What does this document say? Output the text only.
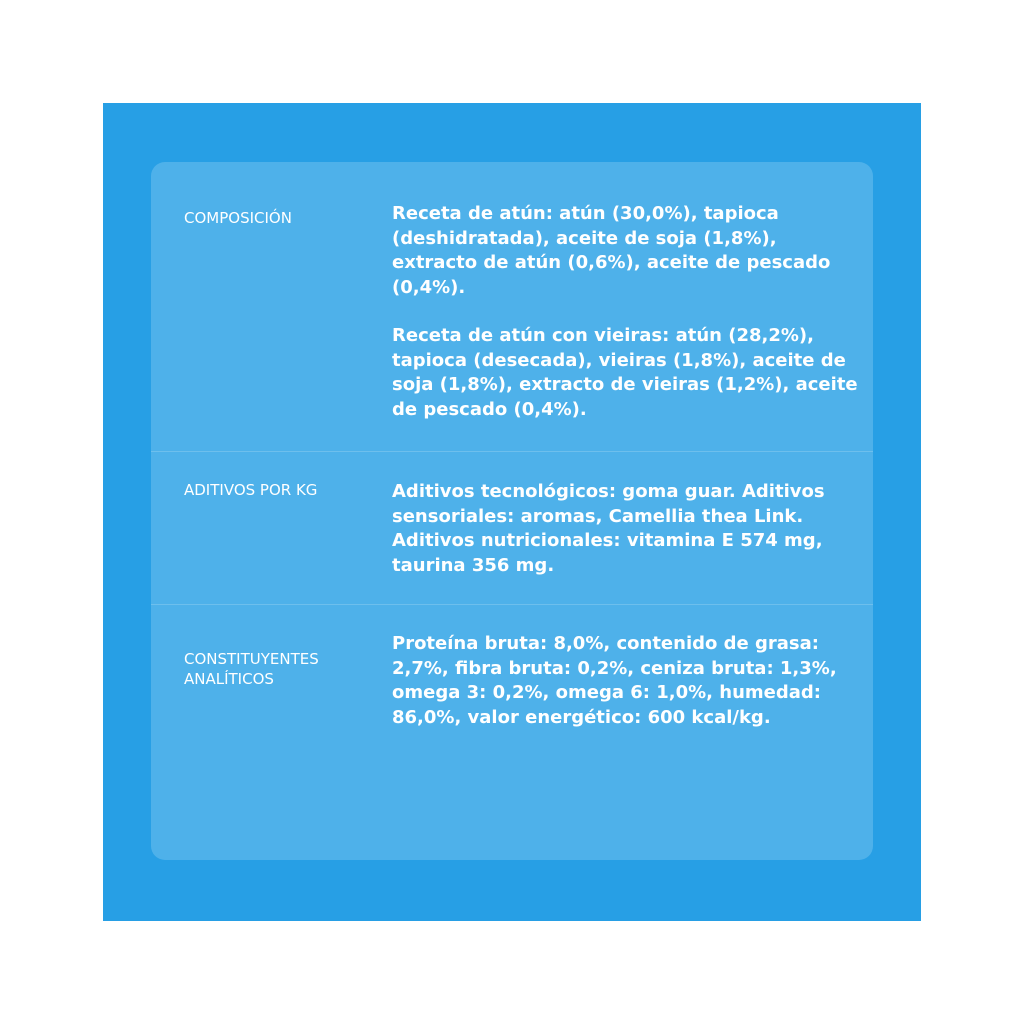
COMPOSICIÓN	Receta de atún: atún (30,0%), tapioca (deshidratada), aceite de soja (1,8%), extracto de atún (0,6%), aceite de pescado (0,4%).
Receta de atún con vieiras: atún (28,2%), tapioca (desecada), vieiras (1,8%), aceite de soja (1,8%), extracto de vieiras (1,2%), aceite de pescado (0,4%).
ADITIVOS POR KG	Aditivos tecnológicos: goma guar. Aditivos sensoriales: aromas, Camellia thea Link. Aditivos nutricionales: vitamina E 574 mg, taurina 356 mg.
CONSTITUYENTES ANALÍTICOS
Proteína bruta: 8,0%, contenido de grasa: 2,7%, fibra bruta: 0,2%, ceniza bruta: 1,3%, omega 3: 0,2%, omega 6: 1,0%, humedad: 86,0%, valor energético: 600 kcal/kg.
